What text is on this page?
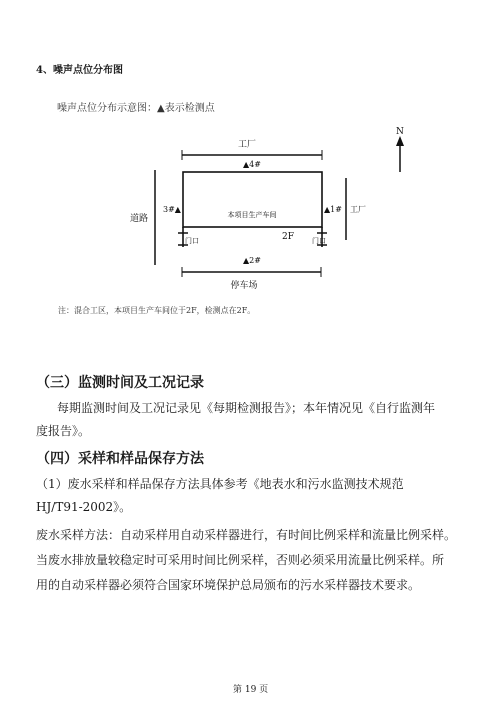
4、噪声点位分布图
噪声点位分布示意图：▲表示检测点
工厂
门口	门口
本项目生产车间
2F
▲4#
3#▲	▲1#
▲2#
道路
工厂
停车场
N
注：混合工区，本项目生产车间位于2F，检测点在2F。
（三）监测时间及工况记录
每期监测时间及工况记录见《每期检测报告》；本年情况见《自行监测年
度报告》。
（四）采样和样品保存方法
（1）废水采样和样品保存方法具体参考《地表水和污水监测技术规范
HJ/T91-2002》。
废水采样方法：自动采样用自动采样器进行，有时间比例采样和流量比例采样。
当废水排放量较稳定时可采用时间比例采样，否则必须采用流量比例采样。所
用的自动采样器必须符合国家环境保护总局颁布的污水采样器技术要求。
第 19 页
